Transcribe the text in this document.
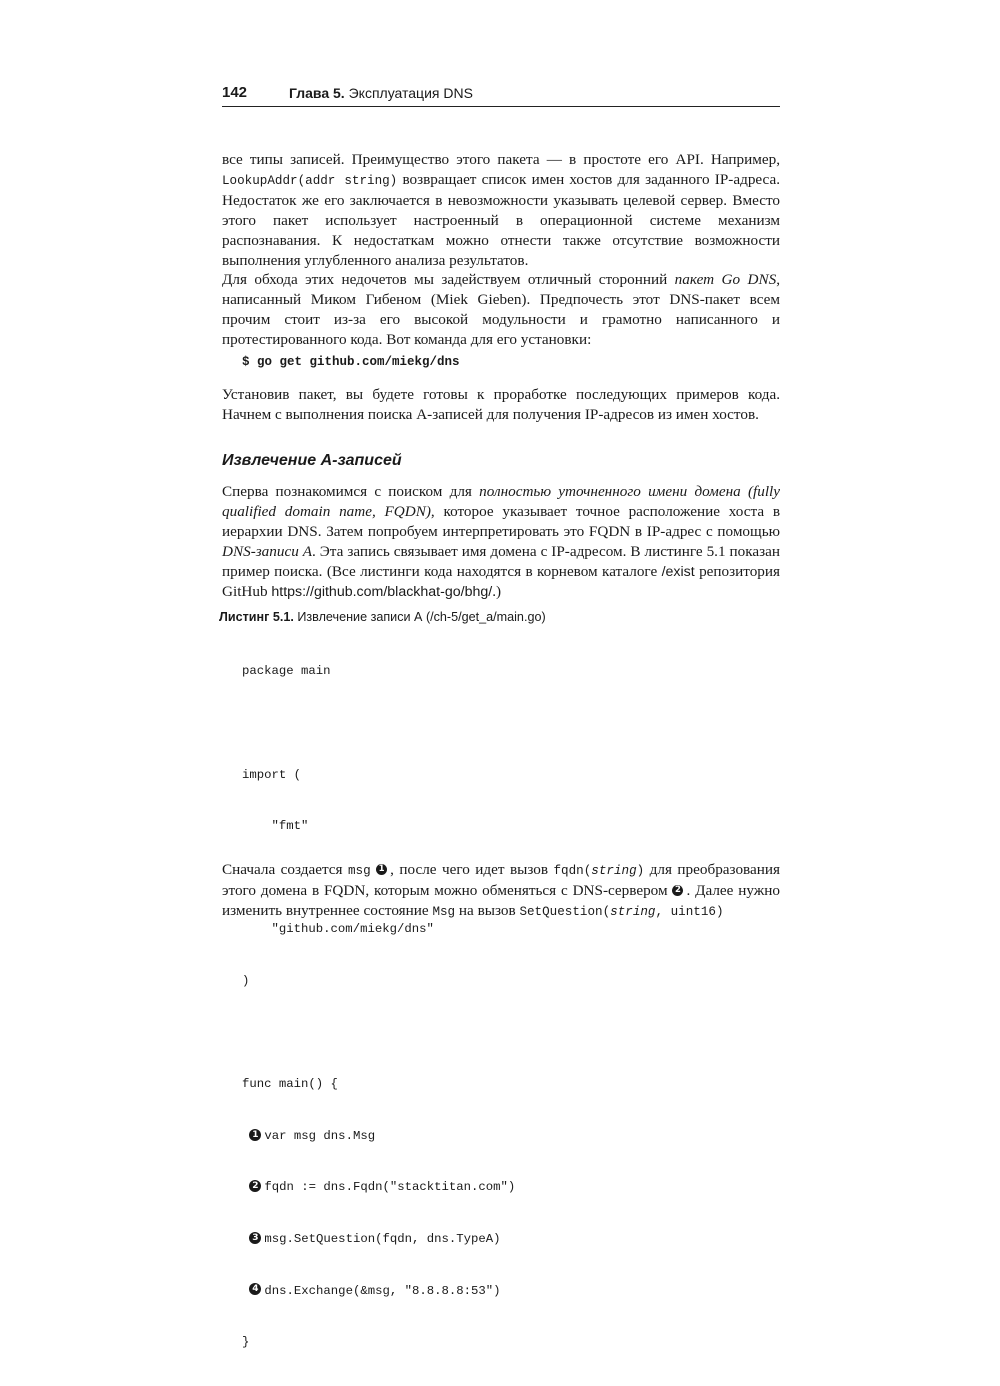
142	Глава 5. Эксплуатация DNS

все типы записей. Преимущество этого пакета — в простоте его API. Например, LookupAddr(addr string) возвращает список имен хостов для заданного IP-адреса. Недостаток же его заключается в невозможности указывать целевой сервер. Вместо этого пакет использует настроенный в операционной системе механизм распознавания. К недостаткам можно отнести также отсутствие возможности выполнения углубленного анализа результатов.

Для обхода этих недочетов мы задействуем отличный сторонний пакет Go DNS, написанный Миком Гибеном (Miek Gieben). Предпочесть этот DNS-пакет всем прочим стоит из-за его высокой модульности и грамотно написанного и протестированного кода. Вот команда для его установки:

$ go get github.com/miekg/dns

Установив пакет, вы будете готовы к проработке последующих примеров кода. Начнем с выполнения поиска А-записей для получения IP-адресов из имен хостов.

Извлечение А-записей

Сперва познакомимся с поиском для полностью уточненного имени домена (fully qualified domain name, FQDN), которое указывает точное расположение хоста в иерархии DNS. Затем попробуем интерпретировать это FQDN в IP-адрес с помощью DNS-записи A. Эта запись связывает имя домена с IP-адресом. В листинге 5.1 показан пример поиска. (Все листинги кода находятся в корневом каталоге /exist репозитория GitHub https://github.com/blackhat-go/bhg/.)

Листинг 5.1. Извлечение записи А (/ch-5/get_a/main.go)

package main

import (

"fmt"

"github.com/miekg/dns"

)

func main() {

1 var msg dns.Msg

2 fqdn := dns.Fqdn("stacktitan.com")

3 msg.SetQuestion(fqdn, dns.TypeA)

4 dns.Exchange(&msg, "8.8.8.8:53")

}

Сначала создается msg 1 , после чего идет вызов fqdn(string) для преобразования этого домена в FQDN, которым можно обменяться с DNS-сервером 2 . Далее нужно изменить внутреннее состояние Msg на вызов SetQuestion(string, uint16)
